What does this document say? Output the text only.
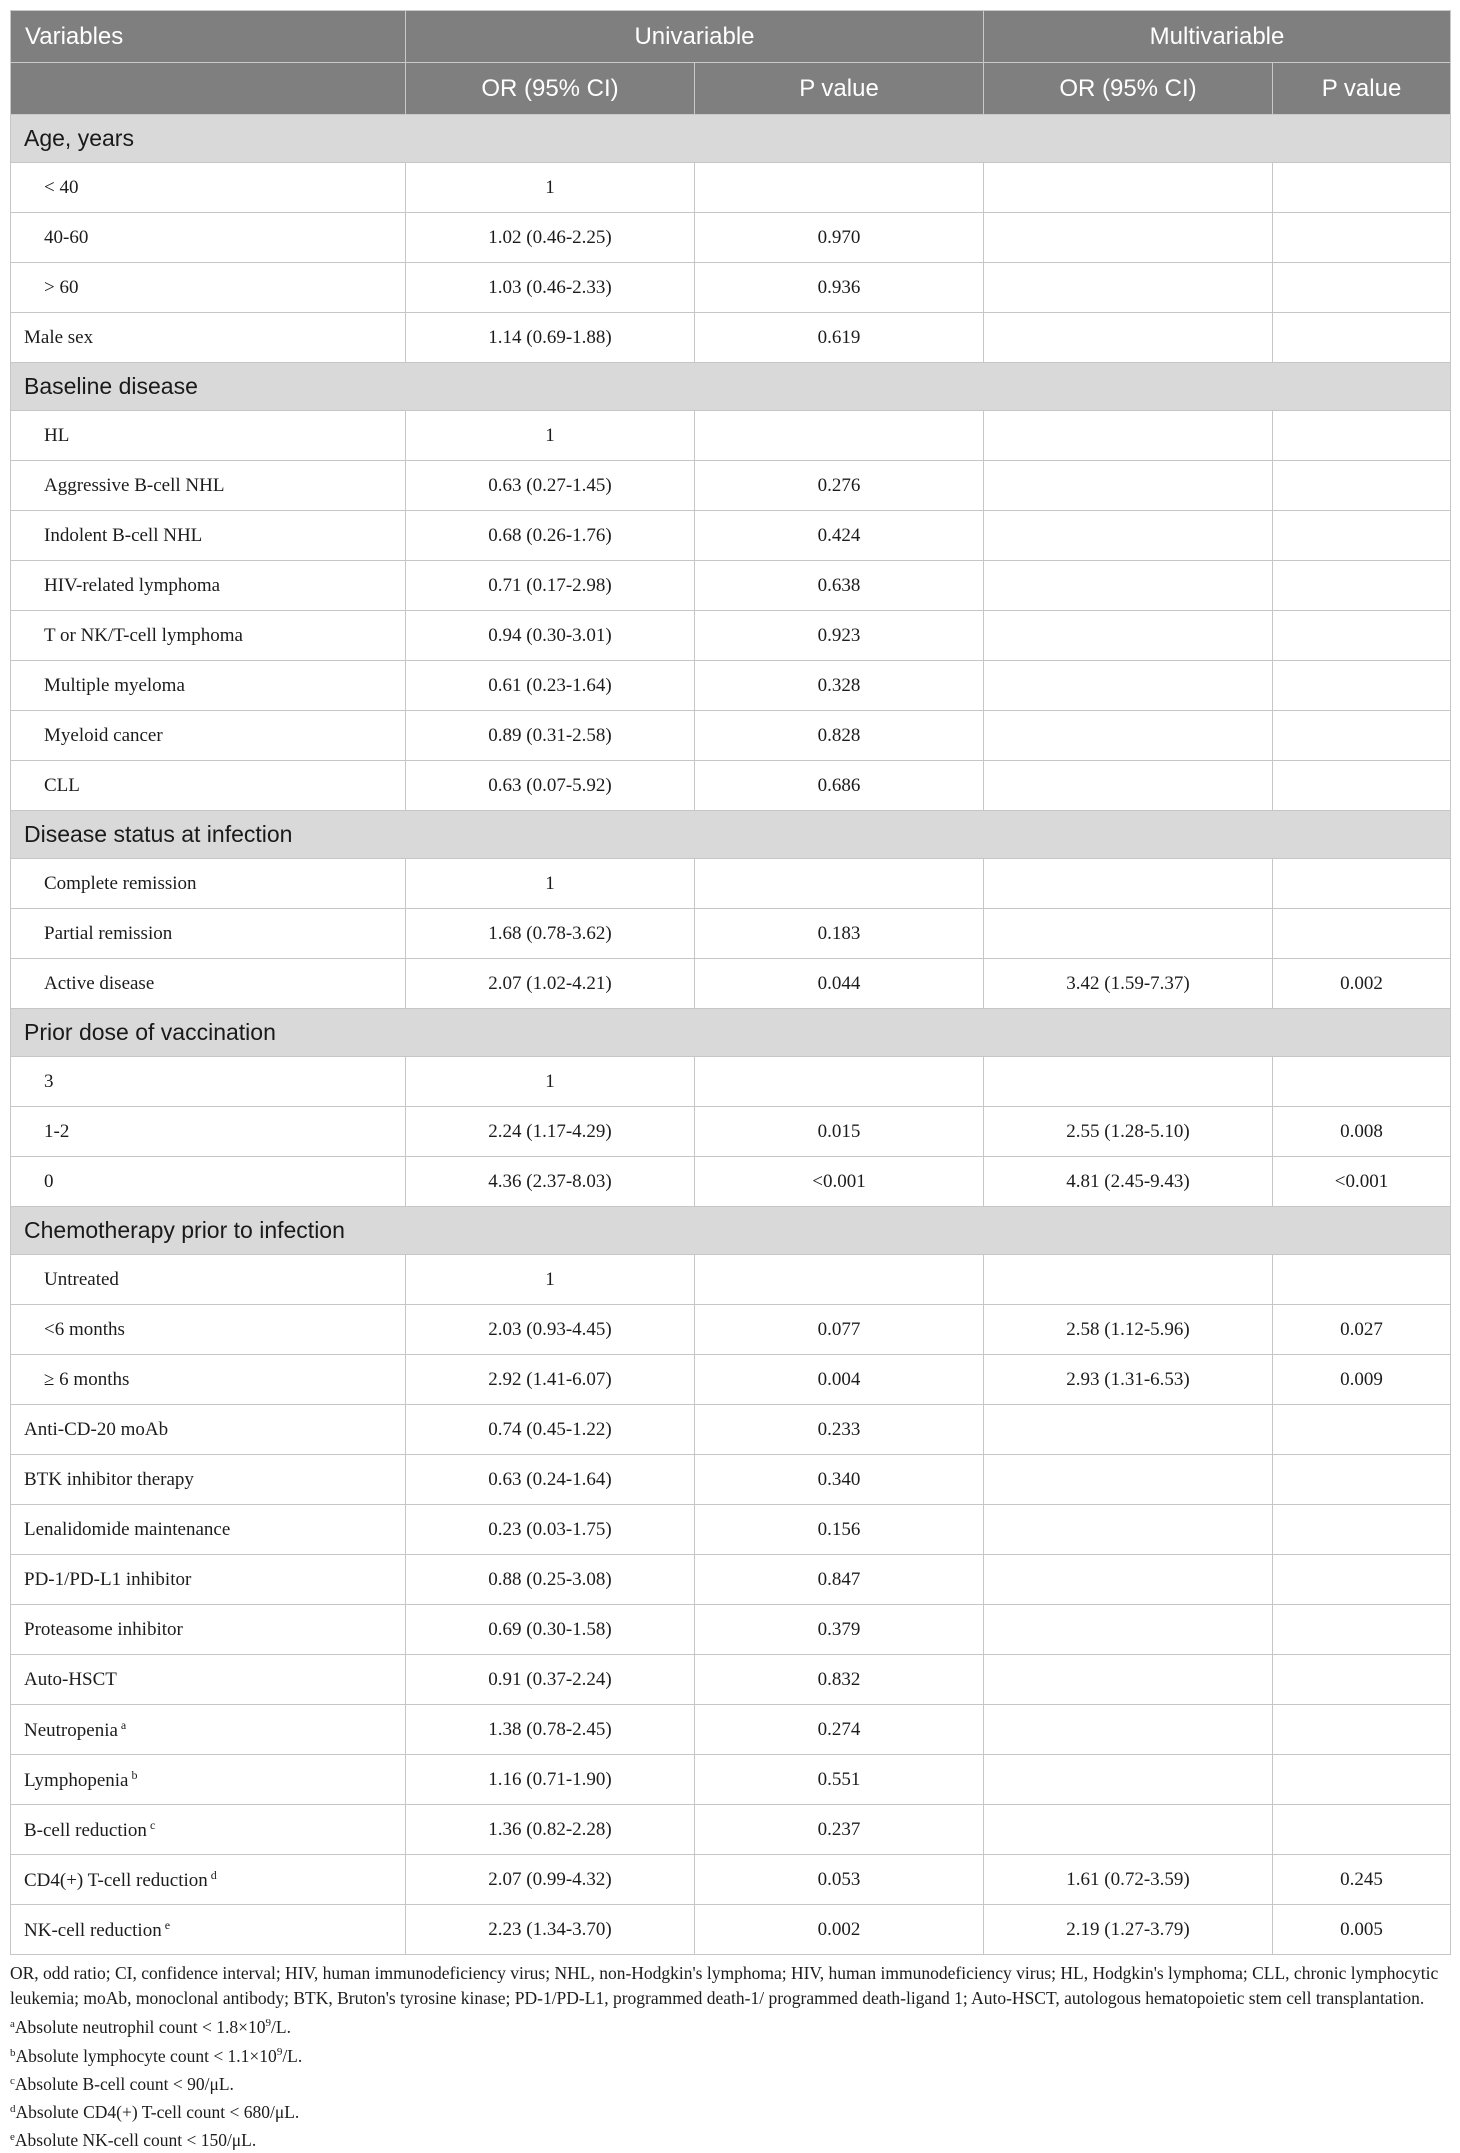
Variables	Univariable		Multivariable	
	OR (95% CI)	P value	OR (95% CI)	P value
Age, years				
< 40	1			
40-60	1.02 (0.46-2.25)	0.970		
> 60	1.03 (0.46-2.33)	0.936		
Male sex	1.14 (0.69-1.88)	0.619		
Baseline disease				
HL	1			
Aggressive B-cell NHL	0.63 (0.27-1.45)	0.276		
Indolent B-cell NHL	0.68 (0.26-1.76)	0.424		
HIV-related lymphoma	0.71 (0.17-2.98)	0.638		
T or NK/T-cell lymphoma	0.94 (0.30-3.01)	0.923		
Multiple myeloma	0.61 (0.23-1.64)	0.328		
Myeloid cancer	0.89 (0.31-2.58)	0.828		
CLL	0.63 (0.07-5.92)	0.686		
Disease status at infection				
Complete remission	1			
Partial remission	1.68 (0.78-3.62)	0.183		
Active disease	2.07 (1.02-4.21)	0.044	3.42 (1.59-7.37)	0.002
Prior dose of vaccination				
3	1			
1-2	2.24 (1.17-4.29)	0.015	2.55 (1.28-5.10)	0.008
0	4.36 (2.37-8.03)	<0.001	4.81 (2.45-9.43)	<0.001
Chemotherapy prior to infection				
Untreated	1			
<6 months	2.03 (0.93-4.45)	0.077	2.58 (1.12-5.96)	0.027
≥ 6 months	2.92 (1.41-6.07)	0.004	2.93 (1.31-6.53)	0.009
Anti-CD-20 moAb	0.74 (0.45-1.22)	0.233		
BTK inhibitor therapy	0.63 (0.24-1.64)	0.340		
Lenalidomide maintenance	0.23 (0.03-1.75)	0.156		
PD-1/PD-L1 inhibitor	0.88 (0.25-3.08)	0.847		
Proteasome inhibitor	0.69 (0.30-1.58)	0.379		
Auto-HSCT	0.91 (0.37-2.24)	0.832		
Neutropenia $^a$	1.38 (0.78-2.45)	0.274		
Lymphopenia $^b$	1.16 (0.71-1.90)	0.551		
B-cell reduction $^c$	1.36 (0.82-2.28)	0.237		
CD4(+) T-cell reduction $^d$	2.07 (0.99-4.32)	0.053	1.61 (0.72-3.59)	0.245
NK-cell reduction $^e$	2.23 (1.34-3.70)	0.002	2.19 (1.27-3.79)	0.005
OR, odd ratio; CI, confidence interval; HIV, human immunodeficiency virus; NHL, non-Hodgkin's lymphoma; HIV, human immunodeficiency virus; HL, Hodgkin's lymphoma; CLL, chronic lymphocytic leukemia; moAb, monoclonal antibody; BTK, Bruton's tyrosine kinase; PD-1/PD-L1, programmed death-1/ programmed death-ligand 1; Auto-HSCT, autologous hematopoietic stem cell transplantation.
$^a$Absolute neutrophil count < $1.8\times 10^9/L$.
$^b$Absolute lymphocyte count < $1.1\times 10^9/L$.
$^c$Absolute B-cell count < 90/μL.
$^d$Absolute CD4(+) T-cell count < 680/μL.
$^e$Absolute NK-cell count < 150/μL.
